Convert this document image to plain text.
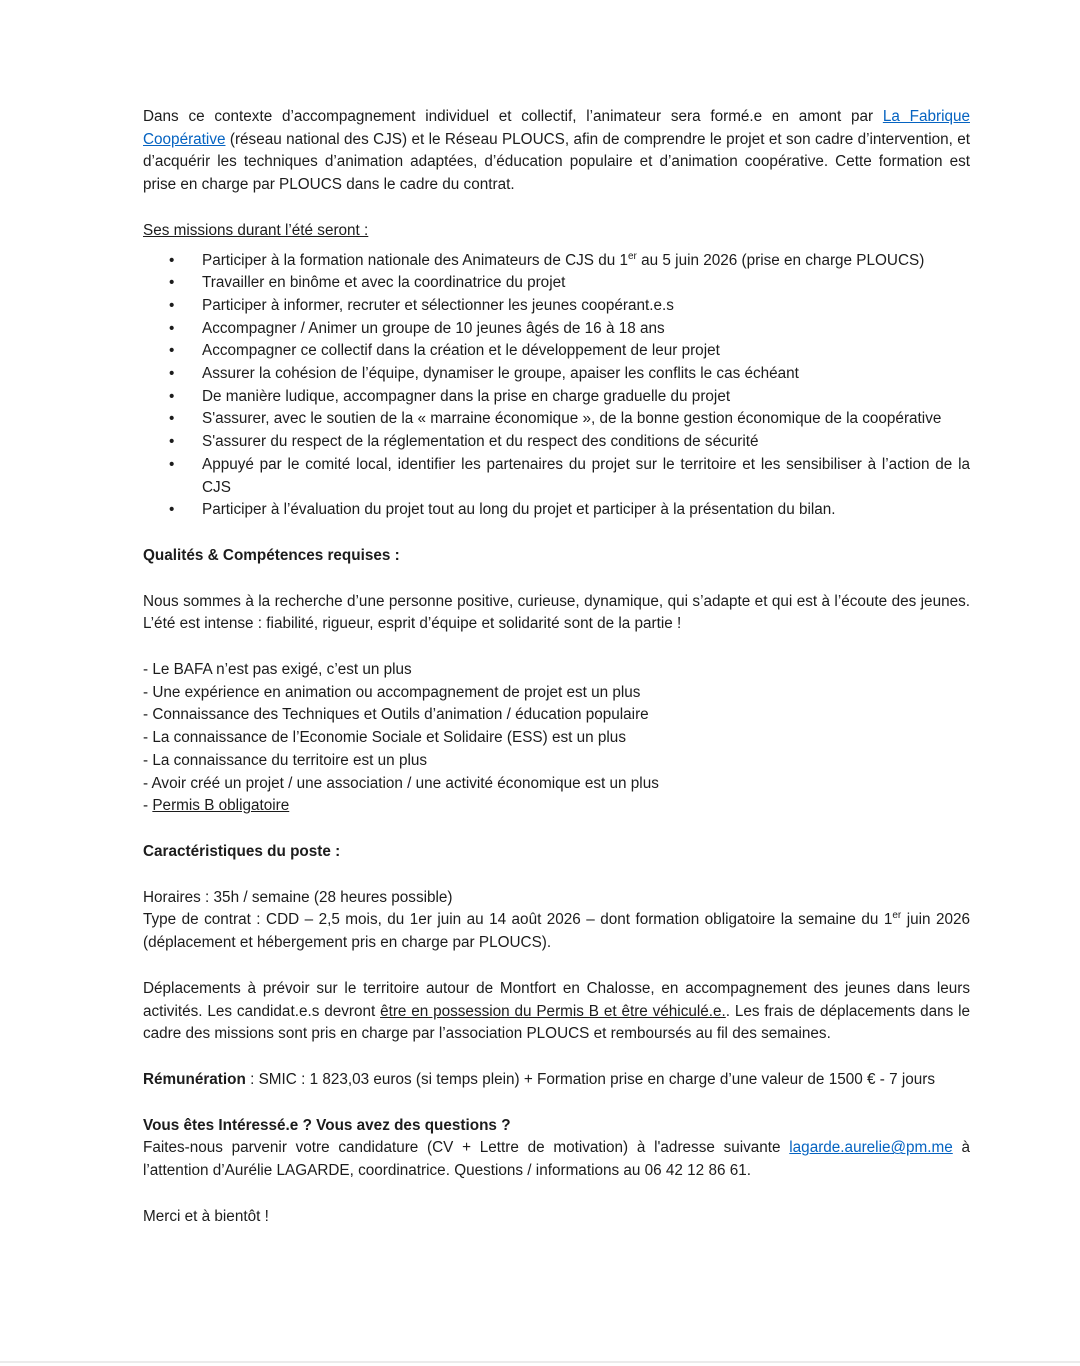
Dans ce contexte d’accompagnement individuel et collectif, l’animateur sera formé.e en amont par La Fabrique Coopérative (réseau national des CJS) et le Réseau PLOUCS, afin de comprendre le projet et son cadre d’intervention, et d’acquérir les techniques d’animation adaptées, d’éducation populaire et d’animation coopérative. Cette formation est prise en charge par PLOUCS dans le cadre du contrat.

Ses missions durant l’été seront :

• Participer à la formation nationale des Animateurs de CJS du 1er au 5 juin 2026 (prise en charge PLOUCS)
• Travailler en binôme et avec la coordinatrice du projet
• Participer à informer, recruter et sélectionner les jeunes coopérant.e.s
• Accompagner / Animer un groupe de 10 jeunes âgés de 16 à 18 ans
• Accompagner ce collectif dans la création et le développement de leur projet
• Assurer la cohésion de l’équipe, dynamiser le groupe, apaiser les conflits le cas échéant
• De manière ludique, accompagner dans la prise en charge graduelle du projet
• S'assurer, avec le soutien de la « marraine économique », de la bonne gestion économique de la coopérative
• S'assurer du respect de la réglementation et du respect des conditions de sécurité
• Appuyé par le comité local, identifier les partenaires du projet sur le territoire et les sensibiliser à l’action de la CJS
• Participer à l’évaluation du projet tout au long du projet et participer à la présentation du bilan.

Qualités & Compétences requises :

Nous sommes à la recherche d’une personne positive, curieuse, dynamique, qui s’adapte et qui est à l’écoute des jeunes. L’été est intense : fiabilité, rigueur, esprit d’équipe et solidarité sont de la partie !

- Le BAFA n’est pas exigé, c’est un plus

- Une expérience en animation ou accompagnement de projet est un plus

- Connaissance des Techniques et Outils d’animation / éducation populaire

- La connaissance de l’Economie Sociale et Solidaire (ESS) est un plus

- La connaissance du territoire est un plus

- Avoir créé un projet / une association / une activité économique est un plus

- Permis B obligatoire

Caractéristiques du poste :

Horaires : 35h / semaine (28 heures possible)

Type de contrat : CDD – 2,5 mois, du 1er juin au 14 août 2026 – dont formation obligatoire la semaine du 1er juin 2026 (déplacement et hébergement pris en charge par PLOUCS).

Déplacements à prévoir sur le territoire autour de Montfort en Chalosse, en accompagnement des jeunes dans leurs activités. Les candidat.e.s devront être en possession du Permis B et être véhiculé.e.. Les frais de déplacements dans le cadre des missions sont pris en charge par l’association PLOUCS et remboursés au fil des semaines.

Rémunération : SMIC : 1 823,03 euros (si temps plein) + Formation prise en charge d’une valeur de 1500 € - 7 jours

Vous êtes Intéressé.e ? Vous avez des questions ?

Faites-nous parvenir votre candidature (CV + Lettre de motivation) à l'adresse suivante lagarde.aurelie@pm.me à l’attention d’Aurélie LAGARDE, coordinatrice. Questions / informations au 06 42 12 86 61.

Merci et à bientôt !
